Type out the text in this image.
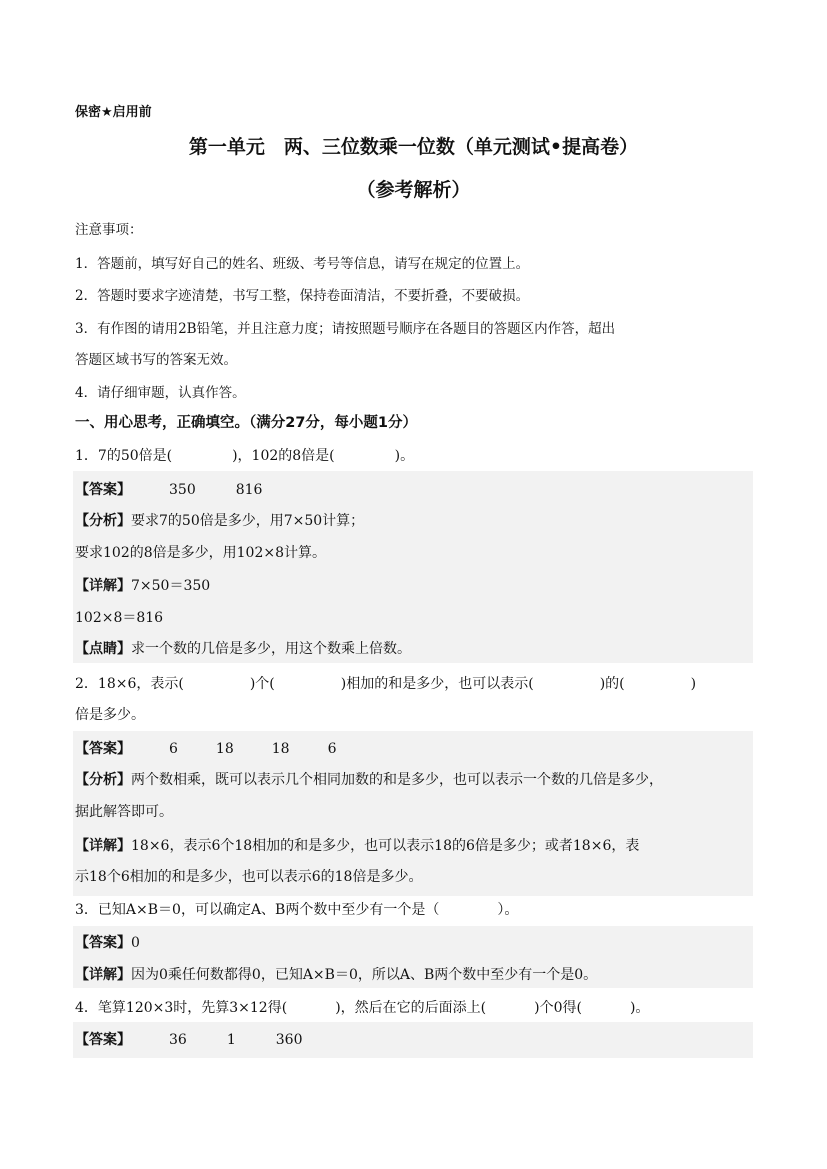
保密★启用前
第一单元　两、三位数乘一位数（单元测试•提高卷）
（参考解析）
注意事项：
1．答题前，填写好自己的姓名、班级、考号等信息，请写在规定的位置上。
2．答题时要求字迹清楚，书写工整，保持卷面清洁，不要折叠，不要破损。
3．有作图的请用2B铅笔，并且注意力度；请按照题号顺序在各题目的答题区内作答，超出
答题区域书写的答案无效。
4．请仔细审题，认真作答。
一、用心思考，正确填空。（满分27分，每小题1分）
1．7的50倍是(	)，102的8倍是(	)。
【答案】	350	816
【分析】要求7的50倍是多少，用7×50计算；
要求102的8倍是多少，用102×8计算。
【详解】7×50＝350
102×8＝816
【点睛】求一个数的几倍是多少，用这个数乘上倍数。
2．18×6，表示(	)个(	)相加的和是多少，也可以表示(	)的(	)
倍是多少。
【答案】	6	18	18	6
【分析】两个数相乘，既可以表示几个相同加数的和是多少，也可以表示一个数的几倍是多少，
据此解答即可。
【详解】18×6，表示6个18相加的和是多少，也可以表示18的6倍是多少；或者18×6，表
示18个6相加的和是多少，也可以表示6的18倍是多少。
3．已知A×B＝0，可以确定A、B两个数中至少有一个是（	）。
【答案】0
【详解】因为0乘任何数都得0，已知A×B＝0，所以A、B两个数中至少有一个是0。
4．笔算120×3时，先算3×12得(	)，然后在它的后面添上(	)个0得(	)。
【答案】	36	1	360
